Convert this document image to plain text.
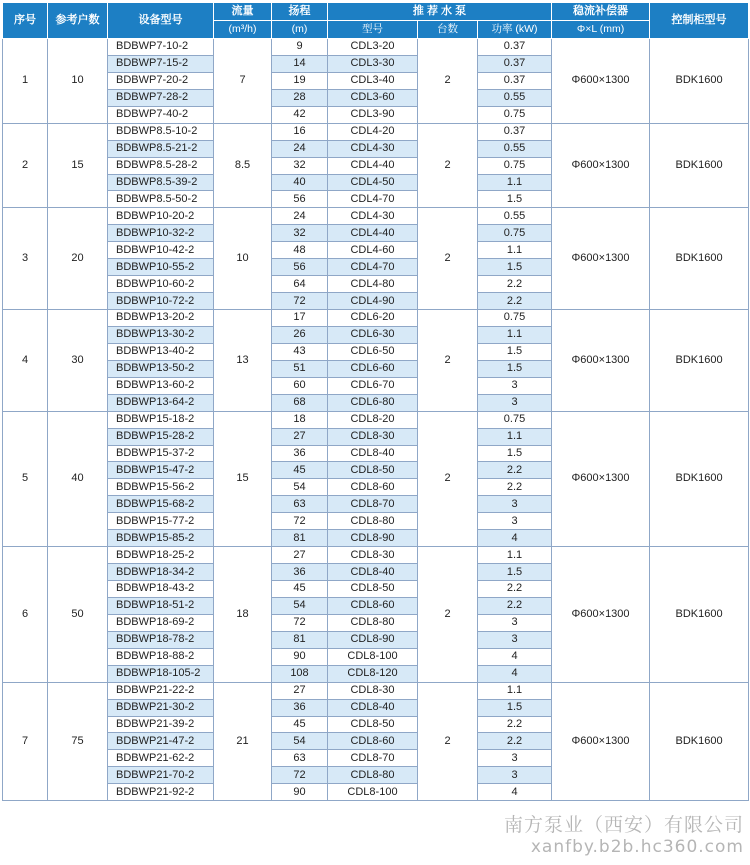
序号	参考户数	设备型号	流量	扬程	推 荐 水 泵			稳流补偿器	控制柜型号
			(m³/h)	(m)	型号	台数	功率 (kW)	Φ×L (mm)	
1	10	BDBWP7-10-2	7	9	CDL3-20	2	0.37	Φ600×1300	BDK1600
		BDBWP7-15-2		14	CDL3-30		0.37		
		BDBWP7-20-2		19	CDL3-40		0.37		
		BDBWP7-28-2		28	CDL3-60		0.55		
		BDBWP7-40-2		42	CDL3-90		0.75		
2	15	BDBWP8.5-10-2	8.5	16	CDL4-20	2	0.37	Φ600×1300	BDK1600
		BDBWP8.5-21-2		24	CDL4-30		0.55		
		BDBWP8.5-28-2		32	CDL4-40		0.75		
		BDBWP8.5-39-2		40	CDL4-50		1.1		
		BDBWP8.5-50-2		56	CDL4-70		1.5		
3	20	BDBWP10-20-2	10	24	CDL4-30	2	0.55	Φ600×1300	BDK1600
		BDBWP10-32-2		32	CDL4-40		0.75		
		BDBWP10-42-2		48	CDL4-60		1.1		
		BDBWP10-55-2		56	CDL4-70		1.5		
		BDBWP10-60-2		64	CDL4-80		2.2		
		BDBWP10-72-2		72	CDL4-90		2.2		
4	30	BDBWP13-20-2	13	17	CDL6-20	2	0.75	Φ600×1300	BDK1600
		BDBWP13-30-2		26	CDL6-30		1.1		
		BDBWP13-40-2		43	CDL6-50		1.5		
		BDBWP13-50-2		51	CDL6-60		1.5		
		BDBWP13-60-2		60	CDL6-70		3		
		BDBWP13-64-2		68	CDL6-80		3		
5	40	BDBWP15-18-2	15	18	CDL8-20	2	0.75	Φ600×1300	BDK1600
		BDBWP15-28-2		27	CDL8-30		1.1		
		BDBWP15-37-2		36	CDL8-40		1.5		
		BDBWP15-47-2		45	CDL8-50		2.2		
		BDBWP15-56-2		54	CDL8-60		2.2		
		BDBWP15-68-2		63	CDL8-70		3		
		BDBWP15-77-2		72	CDL8-80		3		
		BDBWP15-85-2		81	CDL8-90		4		
6	50	BDBWP18-25-2	18	27	CDL8-30	2	1.1	Φ600×1300	BDK1600
		BDBWP18-34-2		36	CDL8-40		1.5		
		BDBWP18-43-2		45	CDL8-50		2.2		
		BDBWP18-51-2		54	CDL8-60		2.2		
		BDBWP18-69-2		72	CDL8-80		3		
		BDBWP18-78-2		81	CDL8-90		3		
		BDBWP18-88-2		90	CDL8-100		4		
		BDBWP18-105-2		108	CDL8-120		4		
7	75	BDBWP21-22-2	21	27	CDL8-30	2	1.1	Φ600×1300	BDK1600
		BDBWP21-30-2		36	CDL8-40		1.5		
		BDBWP21-39-2		45	CDL8-50		2.2		
		BDBWP21-47-2		54	CDL8-60		2.2		
		BDBWP21-62-2		63	CDL8-70		3		
		BDBWP21-70-2		72	CDL8-80		3		
		BDBWP21-92-2		90	CDL8-100		4		
南方泵业（西安）有限公司
xanfby.b2b.hc360.com
